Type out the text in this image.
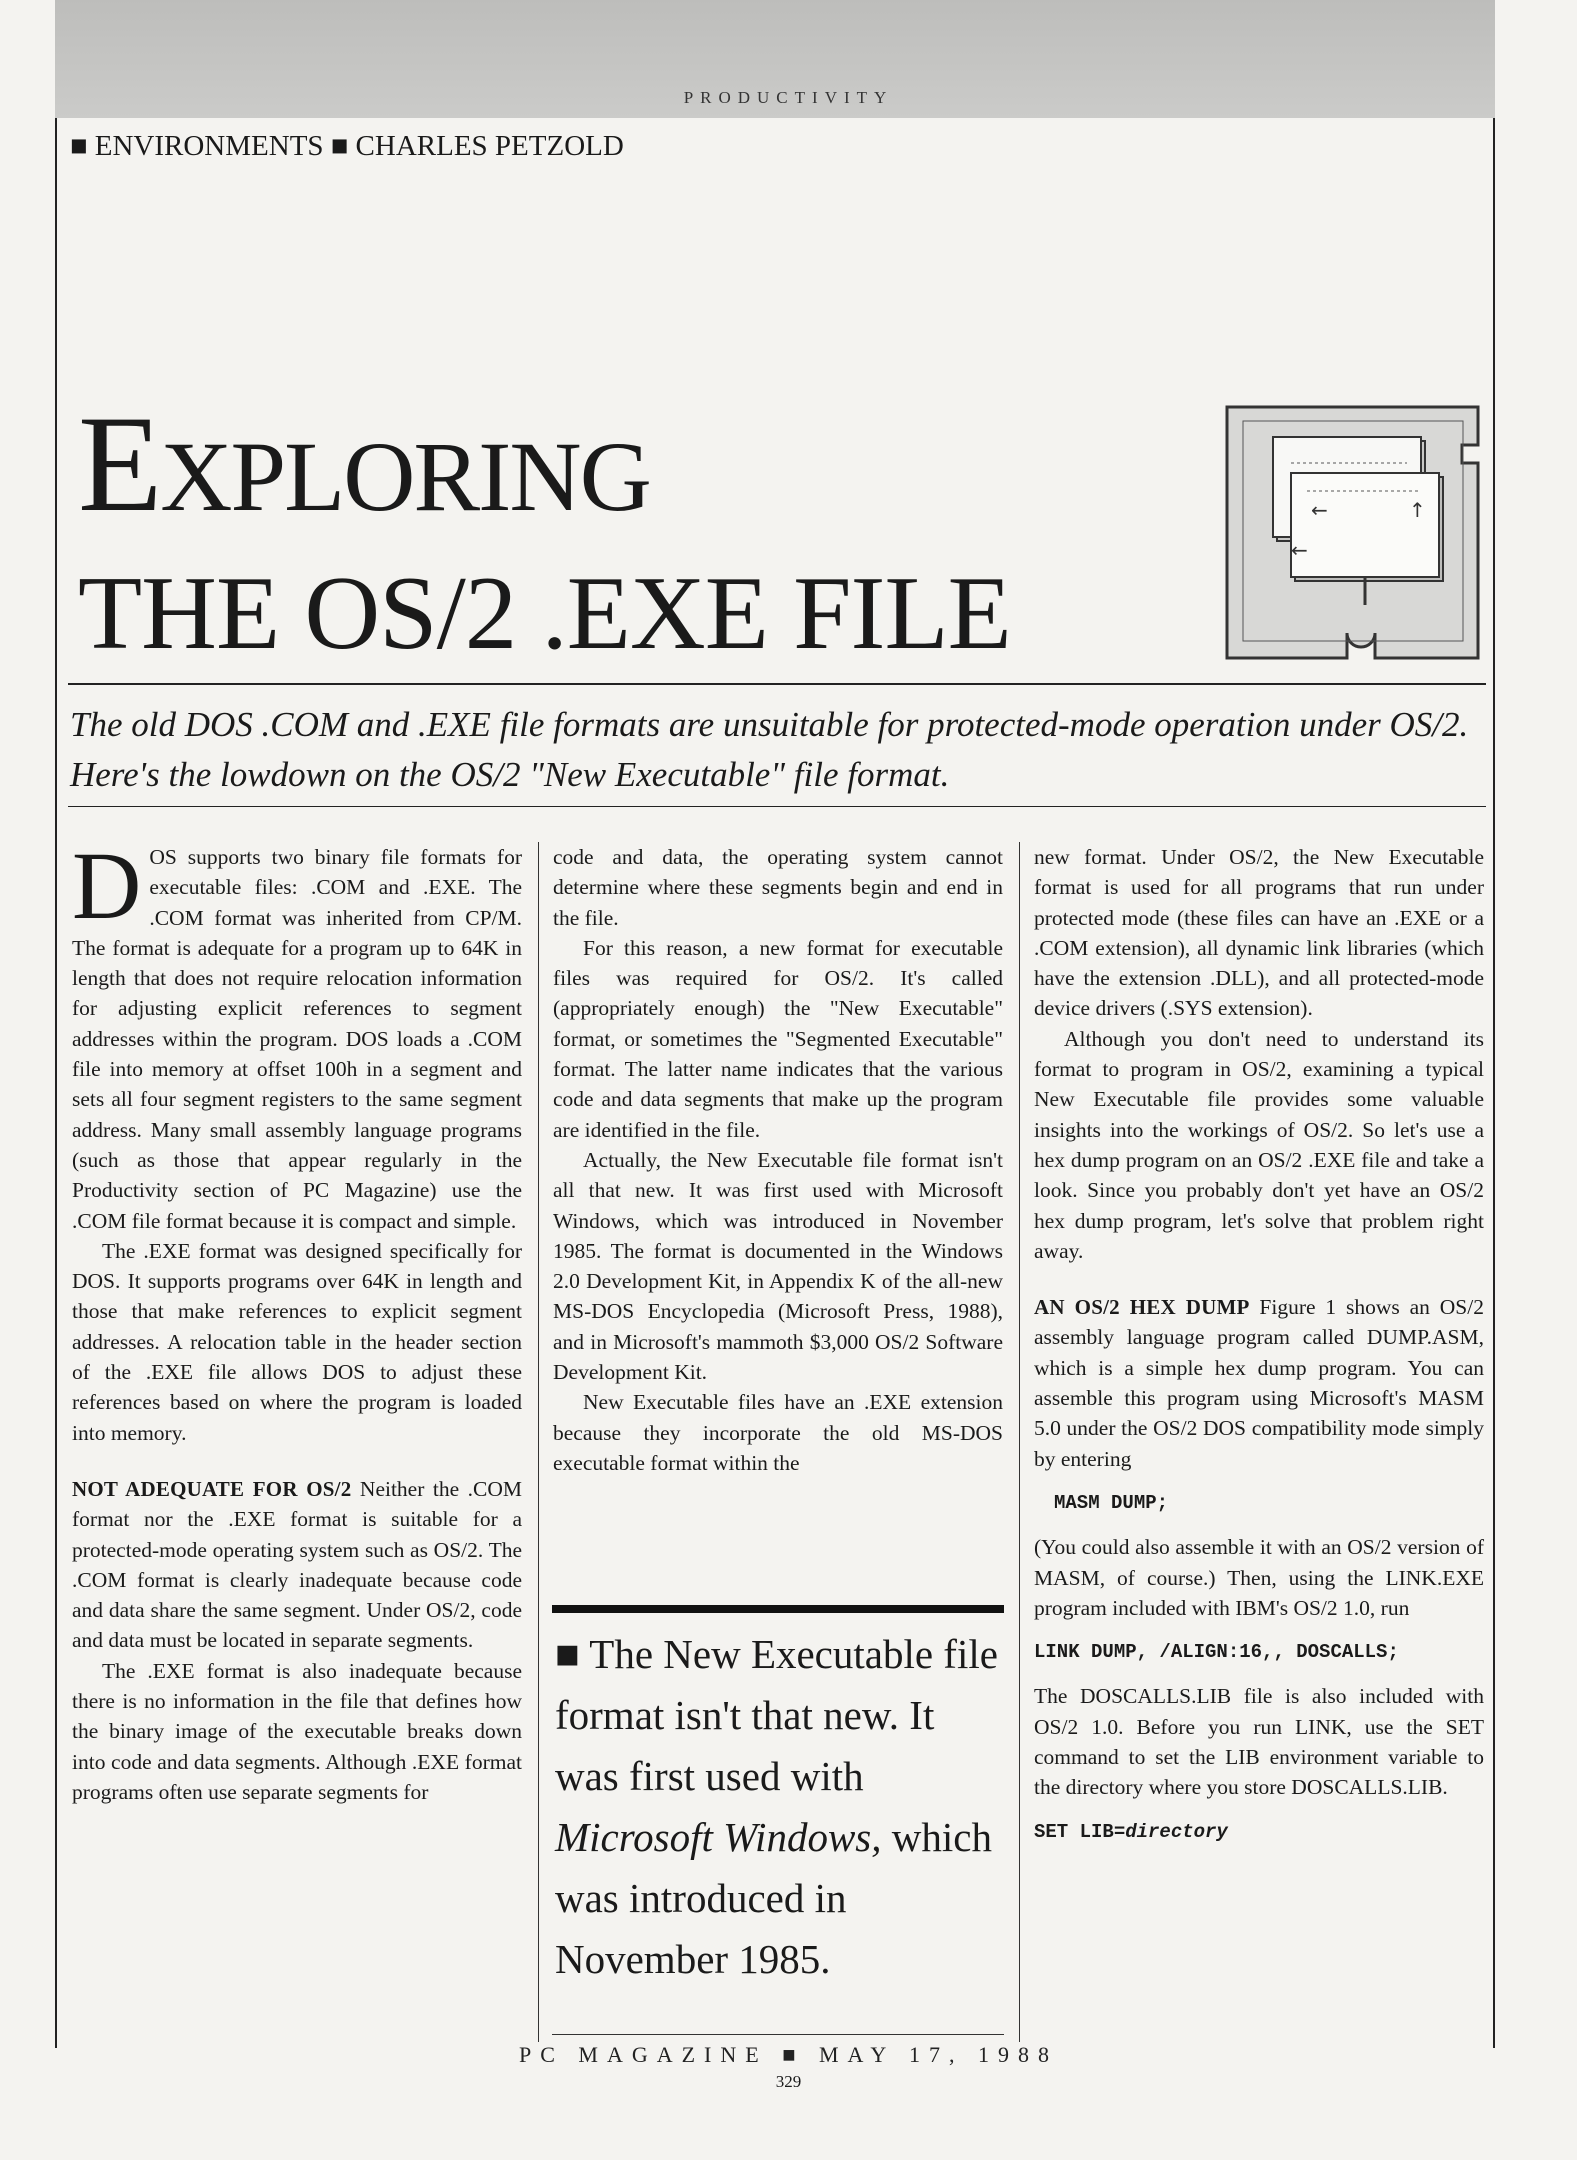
PRODUCTIVITY
■ ENVIRONMENTS ■ CHARLES PETZOLD
EXPLORING
THE OS/2 .EXE FILE
↑
←
←
The old DOS .COM and .EXE file formats are unsuitable for protected-mode operation under OS/2. Here's the lowdown on the OS/2 "New Executable" file format.

DOS supports two binary file formats for executable files: .COM and .EXE. The .COM format was inherited from CP/M. The format is adequate for a program up to 64K in length that does not require relocation information for adjusting explicit references to segment addresses within the program. DOS loads a .COM file into memory at offset 100h in a segment and sets all four segment registers to the same segment address. Many small assembly language programs (such as those that appear regularly in the Productivity section of PC Magazine) use the .COM file format because it is compact and simple.

The .EXE format was designed specifically for DOS. It supports programs over 64K in length and those that make references to explicit segment addresses. A relocation table in the header section of the .EXE file allows DOS to adjust these references based on where the program is loaded into memory.

NOT ADEQUATE FOR OS/2 Neither the .COM format nor the .EXE format is suitable for a protected-mode operating system such as OS/2. The .COM format is clearly inadequate because code and data share the same segment. Under OS/2, code and data must be located in separate segments.

The .EXE format is also inadequate because there is no information in the file that defines how the binary image of the executable breaks down into code and data segments. Although .EXE format programs often use separate segments for

code and data, the operating system cannot determine where these segments begin and end in the file.

For this reason, a new format for executable files was required for OS/2. It's called (appropriately enough) the "New Executable" format, or sometimes the "Segmented Executable" format. The latter name indicates that the various code and data segments that make up the program are identified in the file.

Actually, the New Executable file format isn't all that new. It was first used with Microsoft Windows, which was introduced in November 1985. The format is documented in the Windows 2.0 Development Kit, in Appendix K of the all-new MS-DOS Encyclopedia (Microsoft Press, 1988), and in Microsoft's mammoth $3,000 OS/2 Software Development Kit.

New Executable files have an .EXE extension because they incorporate the old MS-DOS executable format within the

■ The New Executable file format isn't that new. It was first used with Microsoft Windows, which was introduced in November 1985.

new format. Under OS/2, the New Executable format is used for all programs that run under protected mode (these files can have an .EXE or a .COM extension), all dynamic link libraries (which have the extension .DLL), and all protected-mode device drivers (.SYS extension).

Although you don't need to understand its format to program in OS/2, examining a typical New Executable file provides some valuable insights into the workings of OS/2. So let's use a hex dump program on an OS/2 .EXE file and take a look. Since you probably don't yet have an OS/2 hex dump program, let's solve that problem right away.

AN OS/2 HEX DUMP Figure 1 shows an OS/2 assembly language program called DUMP.ASM, which is a simple hex dump program. You can assemble this program using Microsoft's MASM 5.0 under the OS/2 DOS compatibility mode simply by entering

MASM DUMP;

(You could also assemble it with an OS/2 version of MASM, of course.) Then, using the LINK.EXE program included with IBM's OS/2 1.0, run

LINK DUMP, /ALIGN:16,, DOSCALLS;

The DOSCALLS.LIB file is also included with OS/2 1.0. Before you run LINK, use the SET command to set the LIB environment variable to the directory where you store DOSCALLS.LIB.

SET LIB=directory
PC MAGAZINE ■ MAY 17, 1988
329
